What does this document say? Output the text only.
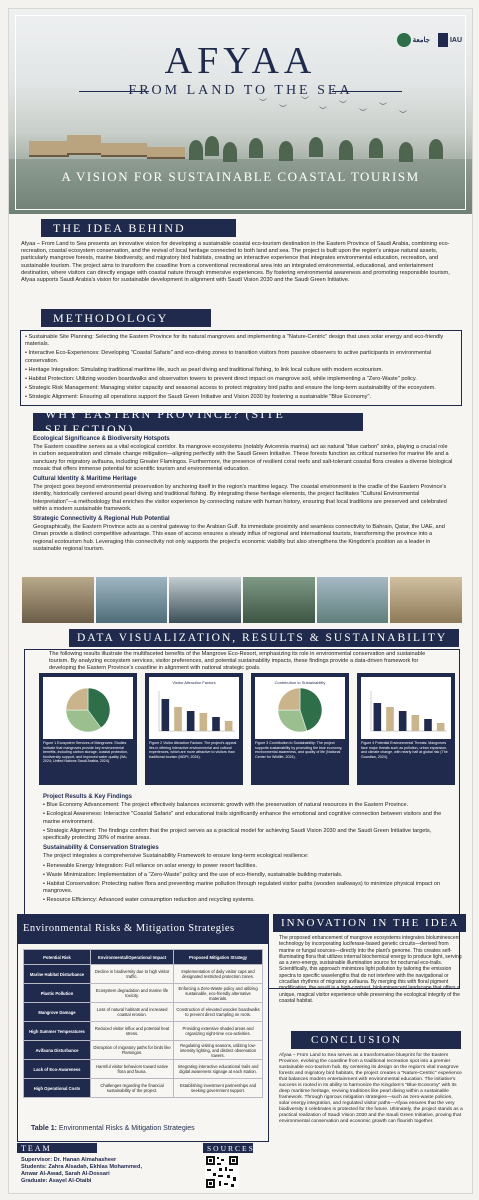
︶
︶
︶
︶
︶
︶
︶
︶
جامعة	IAU
AFYAA
FROM LAND TO THE SEA
A VISION FOR SUSTAINABLE COASTAL TOURISM
THE IDEA BEHIND
Afyaa – From Land to Sea presents an innovative vision for developing a sustainable coastal eco-tourism destination in the Eastern Province of Saudi Arabia, combining eco-recreation, coastal ecosystem conservation, and the revival of local heritage connected to both land and sea. The project is built upon the region's unique natural assets, particularly mangrove forests, marine biodiversity, and migratory bird habitats, creating an interactive experience that integrates environmental education, recreation, and sustainable tourism. The project aims to transform the coastline from a conventional recreational area into an integrated environmental, educational, and entertainment destination, where visitors can directly engage with coastal nature through immersive experiences. By fostering environmental awareness and promoting responsible tourism, Afyaa supports Saudi Arabia's vision for sustainable development in alignment with Saudi Vision 2030 and the Saudi Green Initiative.
METHODOLOGY

• Sustainable Site Planning: Selecting the Eastern Province for its natural mangroves and implementing a "Nature-Centric" design that uses solar energy and eco-friendly materials.

• Interactive Eco-Experiences: Developing "Coastal Safaris" and eco-diving zones to transition visitors from passive observers to active participants in environmental conservation.

• Heritage Integration: Simulating traditional maritime life, such as pearl diving and traditional fishing, to link local culture with modern ecotourism.

• Habitat Protection: Utilizing wooden boardwalks and observation towers to prevent direct impact on mangrove soil, while implementing a "Zero-Waste" policy.

• Strategic Risk Management: Managing visitor capacity and seasonal access to protect migratory bird paths and ensure the long-term sustainability of the ecosystem.

• Strategic Alignment: Ensuring all operations support the Saudi Green Initiative and Vision 2030 by fostering a sustainable "Blue Economy".

WHY EASTERN PROVINCE? (SITE SELECTION)
Ecological Significance & Biodiversity Hotspots

The Eastern coastline serves as a vital ecological corridor. Its mangrove ecosystems (notably Avicennia marina) act as natural "blue carbon" sinks, playing a crucial role in carbon sequestration and climate change mitigation—aligning perfectly with the Saudi Green Initiative. These forests function as critical nurseries for marine life and a sanctuary for migratory avifauna, including Greater Flamingos. Furthermore, the presence of resilient coral reefs and salt-tolerant coastal flora creates a diverse biological mosaic that offers immense potential for scientific tourism and environmental education.

Cultural Identity & Maritime Heritage

The project goes beyond environmental preservation by anchoring itself in the region's maritime legacy. The coastal environment is the cradle of the Eastern Province's identity, historically centered around pearl diving and traditional fishing. By integrating these heritage elements, the project facilitates "Cultural Environmental Interpretation"—a methodology that enriches the visitor experience by connecting nature with human history, ensuring that local traditions are preserved and celebrated within a modern sustainable framework.

Strategic Connectivity & Regional Hub Potential

Geographically, the Eastern Province acts as a central gateway to the Arabian Gulf. Its immediate proximity and seamless connectivity to Bahrain, Qatar, the UAE, and Oman provide a distinct competitive advantage. This ease of access ensures a steady influx of regional and international tourists, transforming the province into a regional ecotourism hub. Leveraging this connectivity not only supports the project's economic viability but also strengthens the Kingdom's position as a leader in sustainable regional tourism.

DATA VISUALIZATION, RESULTS & SUSTAINABILITY
The following results illustrate the multifaceted benefits of the Mangrove Eco-Resort, emphasizing its role in environmental conservation and sustainable tourism. By analyzing ecosystem services, visitor preferences, and potential sustainability impacts, these findings provide a data-driven framework for developing the Eastern Province's coastline in alignment with national strategic goals.
Figure 1 Ecosystem Services of Mangroves: Studies indicate that mangroves provide key environmental benefits, including carbon storage, coastal protection, biodiversity support, and improved water quality (Wu, 2024; United Nations Saudi Arabia, 2024).
Visitor Attraction Factors
Figure 2 Visitor Attraction Factors: The project's appeal lies in offering interactive environmental and cultural experiences, which are more attractive to visitors than traditional tourism (MDPI, 2024).
Contribution to Sustainability
Figure 3 Contribution to Sustainability: The project supports sustainability by promoting the blue economy, environmental awareness, and quality of life (National Center for Wildlife, 2024).
Figure 4 Potential Environmental Threats: Mangroves face major threats such as pollution, urban expansion, and climate change, with nearly half at global risk (The Guardian, 2024).
Project Results & Key Findings

• Blue Economy Advancement: The project effectively balances economic growth with the preservation of natural resources in the Eastern Province.

• Ecological Awareness: Interactive "Coastal Safaris" and educational trails significantly enhance the emotional and cognitive connection between visitors and the marine environment.

• Strategic Alignment: The findings confirm that the project serves as a practical model for achieving Saudi Vision 2030 and the Saudi Green Initiative targets, specifically protecting 30% of marine areas.

Sustainability & Conservation Strategies

The project integrates a comprehensive Sustainability Framework to ensure long-term ecological resilience:

• Renewable Energy Integration: Full reliance on solar energy to power resort facilities.

• Waste Minimization: Implementation of a "Zero-Waste" policy and the use of eco-friendly, sustainable building materials.

• Habitat Conservation: Protecting native flora and preventing marine pollution through regulated visitor paths (wooden walkways) to minimize physical impact on mangroves.

• Resource Efficiency: Advanced water consumption reduction and recycling systems.

Environmental Risks & Mitigation Strategies
Potential Risk	Environmental/Operational Impact	Proposed Mitigation Strategy
Marine Habitat Disturbance	Decline in biodiversity due to high visitor traffic.	Implementation of daily visitor caps and designated restricted protection zones.
Plastic Pollution	Ecosystem degradation and marine life toxicity.	Enforcing a Zero-Waste policy and utilizing sustainable, eco-friendly alternative materials.
Mangrove Damage	Loss of natural habitats and increased coastal erosion.	Construction of elevated wooden boardwalks to prevent direct trampling on roots.
High Summer Temperatures	Reduced visitor influx and potential heat stress.	Providing extensive shaded areas and organizing night-time eco-activities.
Avifauna Disturbance	Disruption of migratory paths for birds like Flamingos.	Regulating visiting seasons, utilizing low-intensity lighting, and distinct observation towers.
Lack of Eco-Awareness	Harmful visitor behaviors toward native flora and fauna.	Integrating interactive educational trails and digital awareness signage at each station.
High Operational Costs	Challenges regarding the financial sustainability of the project.	Establishing investment partnerships and seeking government support.
Table 1: Environmental Risks & Mitigation Strategies
INNOVATION IN THE IDEA
The proposed enhancement of mangrove ecosystems integrates bioluminescent technology by incorporating luciferase-based genetic circuits—derived from marine or fungal sources—directly into the plant's genome. This creates self-illuminating flora that utilizes internal biochemical energy to produce light, serving as a zero-energy, sustainable illumination source for nocturnal eco-trails. Scientifically, this approach minimizes light pollution by tailoring the emission spectra to specific wavelengths that do not interfere with the navigational or circadian rhythms of migratory avifauna. By merging this with floral pigment modification, the result is a high-contrast, bioluminescent landscape that offers a unique, magical visitor experience while preserving the ecological integrity of the coastal habitat.
CONCLUSION
Afyaa – From Land to Sea serves as a transformative blueprint for the Eastern Province, evolving the coastline from a traditional recreation spot into a premier sustainable eco-tourism hub. By centering its design on the region's vital mangrove forests and migratory bird habitats, the project creates a "Nature-Centric" experience that balances modern entertainment with environmental education. The initiative's success is rooted in its ability to harmonize the Kingdom's "Blue Economy" with its deep maritime heritage, reviving traditions like pearl diving within a sustainable framework. Through rigorous mitigation strategies—such as zero-waste policies, solar energy integration, and regulated visitor paths—Afyaa ensures that the very biodiversity it celebrates is protected for the future. Ultimately, the project stands as a practical realization of Saudi Vision 2030 and the Saudi Green Initiative, proving that environmental conservation and economic growth can flourish together.
TEAM
Supervisor: Dr. Hanan Almahasheer
Students: Zahra Alsadah, Ekhlas Mohammed,
Anwar Al-Awad, Sarah Al-Dossari
Graduate: Asayel Al-Otaibi
SOURCES
